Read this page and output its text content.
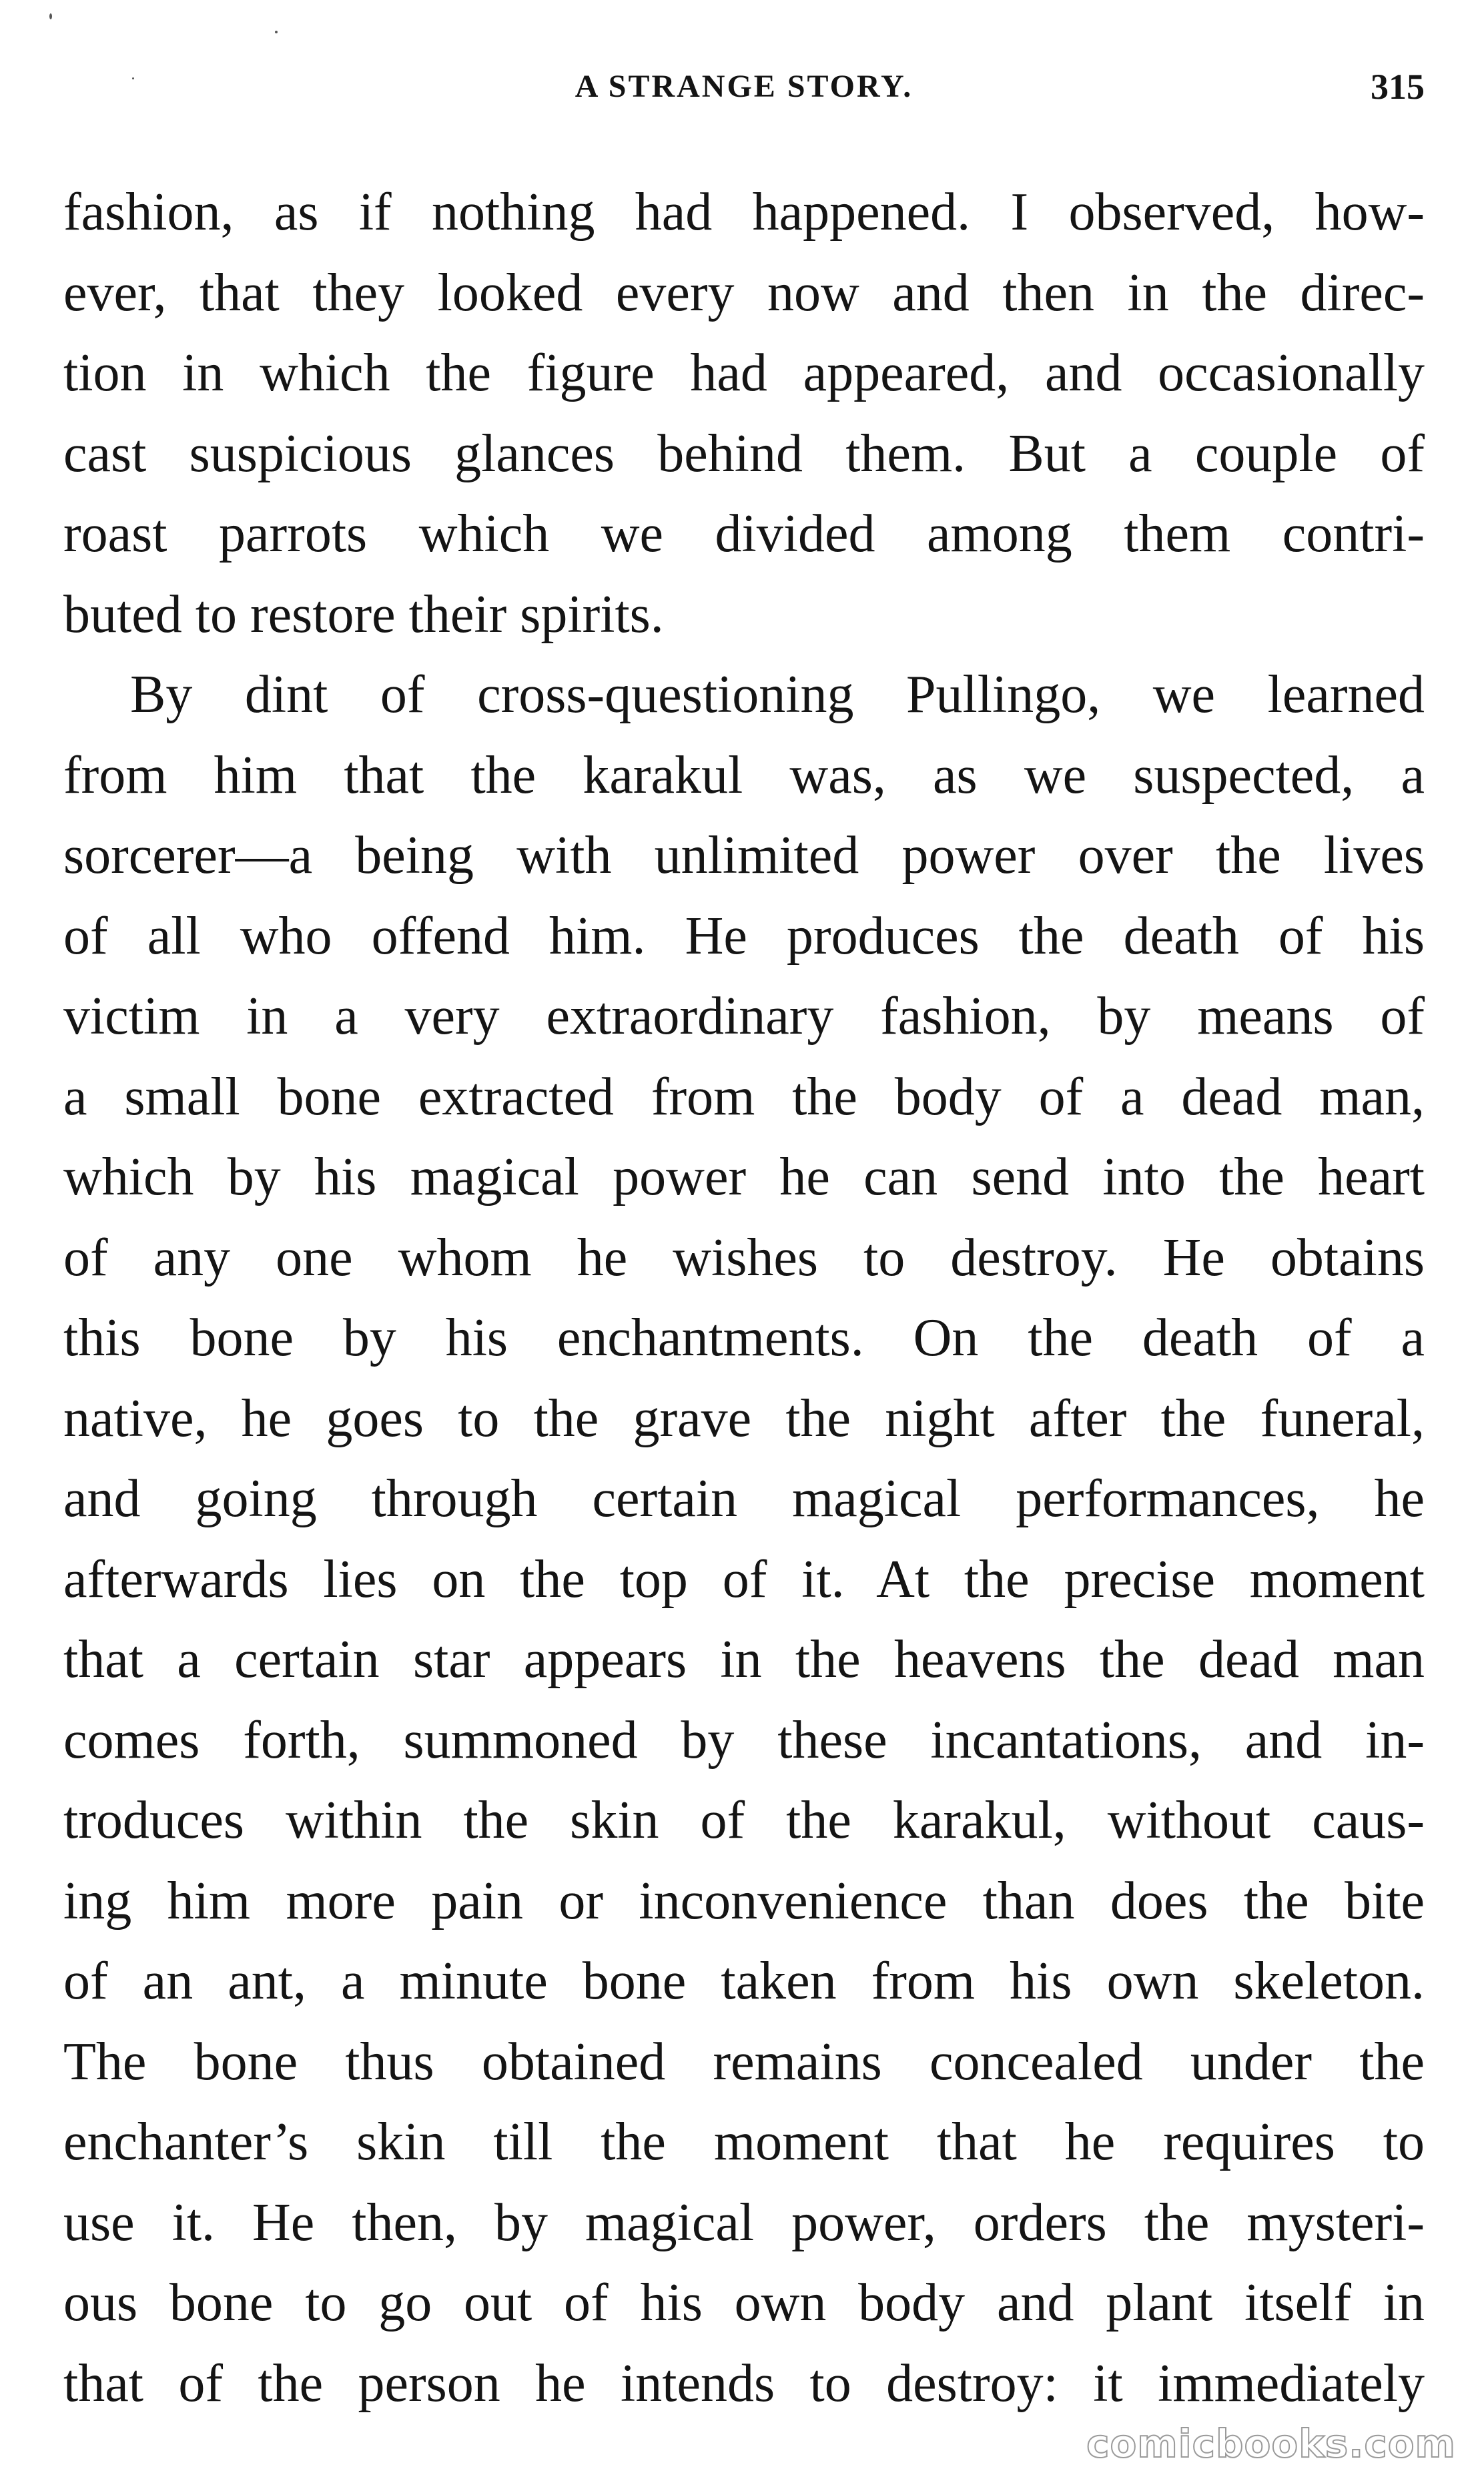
A STRANGE STORY.	315
fashion, as if nothing had happened. I observed, how-
ever, that they looked every now and then in the direc-
tion in which the figure had appeared, and occasionally
cast suspicious glances behind them. But a couple of
roast parrots which we divided among them contri-
buted to restore their spirits.
By dint of cross-questioning Pullingo, we learned
from him that the karakul was, as we suspected, a
sorcerer—a being with unlimited power over the lives
of all who offend him. He produces the death of his
victim in a very extraordinary fashion, by means of
a small bone extracted from the body of a dead man,
which by his magical power he can send into the heart
of any one whom he wishes to destroy. He obtains
this bone by his enchantments. On the death of a
native, he goes to the grave the night after the funeral,
and going through certain magical performances, he
afterwards lies on the top of it. At the precise moment
that a certain star appears in the heavens the dead man
comes forth, summoned by these incantations, and in-
troduces within the skin of the karakul, without caus-
ing him more pain or inconvenience than does the bite
of an ant, a minute bone taken from his own skeleton.
The bone thus obtained remains concealed under the
enchanter’s skin till the moment that he requires to
use it. He then, by magical power, orders the mysteri-
ous bone to go out of his own body and plant itself in
that of the person he intends to destroy: it immediately
comicbooks.com
